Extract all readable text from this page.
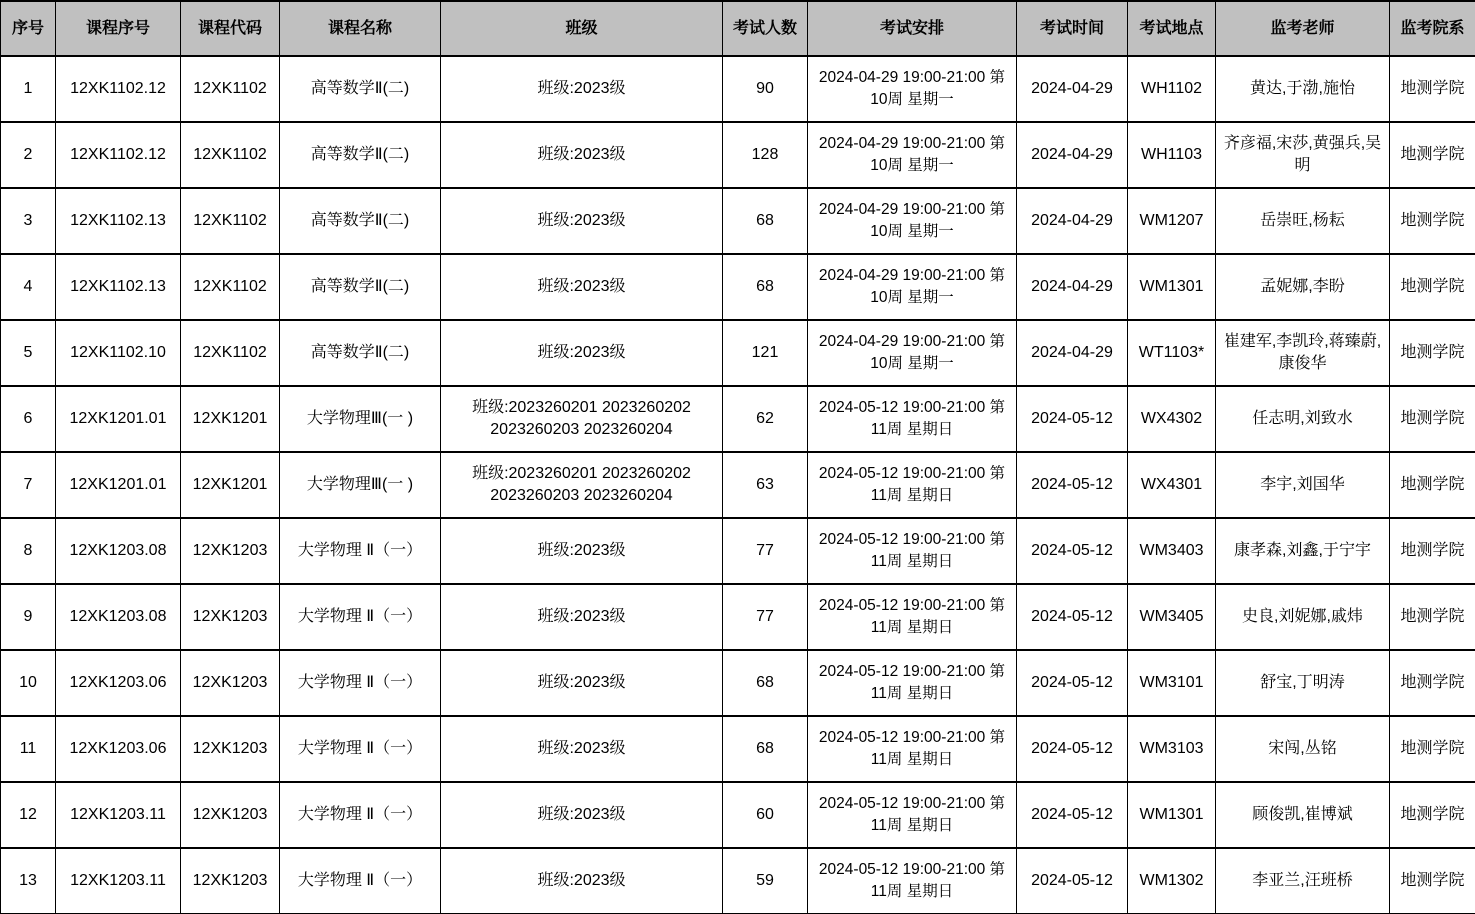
序号	课程序号	课程代码	课程名称	班级	考试人数	考试安排	考试时间	考试地点	监考老师	监考院系
1	12XK1102.12	12XK1102	高等数学Ⅱ(二)	班级:2023级	90	2024-04-29 19:00-21:00 第10周 星期一	2024-04-29	WH1102	黄达,于渤,施怡	地测学院
2	12XK1102.12	12XK1102	高等数学Ⅱ(二)	班级:2023级	128	2024-04-29 19:00-21:00 第10周 星期一	2024-04-29	WH1103	齐彦福,宋莎,黄强兵,吴明	地测学院
3	12XK1102.13	12XK1102	高等数学Ⅱ(二)	班级:2023级	68	2024-04-29 19:00-21:00 第10周 星期一	2024-04-29	WM1207	岳崇旺,杨耘	地测学院
4	12XK1102.13	12XK1102	高等数学Ⅱ(二)	班级:2023级	68	2024-04-29 19:00-21:00 第10周 星期一	2024-04-29	WM1301	孟妮娜,李盼	地测学院
5	12XK1102.10	12XK1102	高等数学Ⅱ(二)	班级:2023级	121	2024-04-29 19:00-21:00 第10周 星期一	2024-04-29	WT1103*	崔建军,李凯玲,蒋臻蔚,康俊华	地测学院
6	12XK1201.01	12XK1201	大学物理Ⅲ(一 )	班级:2023260201 2023260202 2023260203 2023260204	62	2024-05-12 19:00-21:00 第11周 星期日	2024-05-12	WX4302	任志明,刘致水	地测学院
7	12XK1201.01	12XK1201	大学物理Ⅲ(一 )	班级:2023260201 2023260202 2023260203 2023260204	63	2024-05-12 19:00-21:00 第11周 星期日	2024-05-12	WX4301	李宇,刘国华	地测学院
8	12XK1203.08	12XK1203	大学物理 Ⅱ（一）	班级:2023级	77	2024-05-12 19:00-21:00 第11周 星期日	2024-05-12	WM3403	康孝森,刘鑫,于宁宇	地测学院
9	12XK1203.08	12XK1203	大学物理 Ⅱ（一）	班级:2023级	77	2024-05-12 19:00-21:00 第11周 星期日	2024-05-12	WM3405	史良,刘妮娜,戚炜	地测学院
10	12XK1203.06	12XK1203	大学物理 Ⅱ（一）	班级:2023级	68	2024-05-12 19:00-21:00 第11周 星期日	2024-05-12	WM3101	舒宝,丁明涛	地测学院
11	12XK1203.06	12XK1203	大学物理 Ⅱ（一）	班级:2023级	68	2024-05-12 19:00-21:00 第11周 星期日	2024-05-12	WM3103	宋闯,丛铭	地测学院
12	12XK1203.11	12XK1203	大学物理 Ⅱ（一）	班级:2023级	60	2024-05-12 19:00-21:00 第11周 星期日	2024-05-12	WM1301	顾俊凯,崔博斌	地测学院
13	12XK1203.11	12XK1203	大学物理 Ⅱ（一）	班级:2023级	59	2024-05-12 19:00-21:00 第11周 星期日	2024-05-12	WM1302	李亚兰,汪班桥	地测学院
